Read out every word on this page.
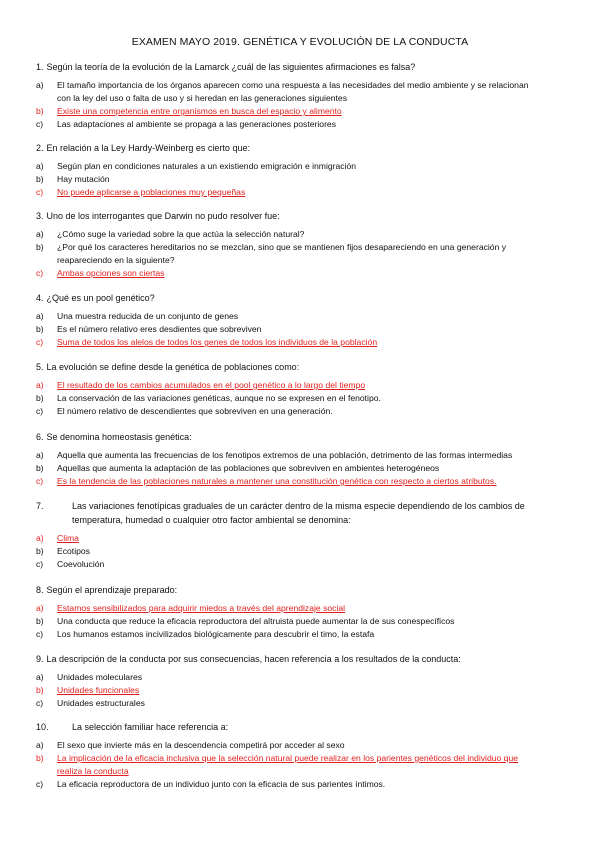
EXAMEN MAYO 2019. GENÉTICA Y EVOLUCIÓN DE LA CONDUCTA
1. Según la teoría de la evolución de la Lamarck ¿cuál de las siguientes afirmaciones es falsa?
a)	El tamaño importancia de los órganos aparecen como una respuesta a las necesidades del medio ambiente y se relacionan
con la ley del uso o falta de uso y si heredan en las generaciones siguientes
b)	Existe una competencia entre organismos en busca del espacio y alimento
c)	Las adaptaciones al ambiente se propaga a las generaciones posteriores
2. En relación a la Ley Hardy-Weinberg es cierto que:
a)	Según plan en condiciones naturales a un existiendo emigración e inmigración
b)	Hay mutación
c)	No puede aplicarse a poblaciones muy pequeñas
3. Uno de los interrogantes que Darwin no pudo resolver fue:
a)	¿Cómo suge la variedad sobre la que actúa la selección natural?
b)	¿Por qué los caracteres hereditarios no se mezclan, sino que se mantienen fijos desapareciendo en una generación y
reapareciendo en la siguiente?
c)	Ambas opciones son ciertas
4. ¿Qué es un pool genético?
a)	Una muestra reducida de un conjunto de genes
b)	Es el número relativo eres desdientes que sobreviven
c)	Suma de todos los alelos de todos los genes de todos los individuos de la población
5. La evolución se define desde la genética de poblaciones como:
a)	El resultado de los cambios acumulados en el pool genético a lo largo del tiempo
b)	La conservación de las variaciones genéticas, aunque no se expresen en el fenotipo.
c)	El número relativo de descendientes que sobreviven en una generación.
6. Se denomina homeostasis genética:
a)	Aquella que aumenta las frecuencias de los fenotipos extremos de una población, detrimento de las formas intermedias
b)	Aquellas que aumenta la adaptación de las poblaciones que sobreviven en ambientes heterogéneos
c)	Es la tendencia de las poblaciones naturales a mantener una constitución genética con respecto a ciertos atributos.
7.	Las variaciones fenotípicas graduales de un carácter dentro de la misma especie dependiendo de los cambios de temperatura, humedad o cualquier otro factor ambiental se denomina:
a)	Clima
b)	Ecotipos
c)	Coevolución
8. Según el aprendizaje preparado:
a)	Estamos sensibilizados para adquirir miedos a través del aprendizaje social
b)	Una conducta que reduce la eficacia reproductora del altruista puede aumentar la de sus conespecíficos
c)	Los humanos estamos incivilizados biológicamente para descubrir el timo, la estafa
9. La descripción de la conducta por sus consecuencias, hacen referencia a los resultados de la conducta:
a)	Unidades moleculares
b)	Unidades funcionales
c)	Unidades estructurales
10.	La selección familiar hace referencia a:
a)	El sexo que invierte más en la descendencia competirá por acceder al sexo
b)	La implicación de la eficacia inclusiva que la selección natural puede realizar en los parientes genéticos del individuo que
realiza la conducta
c)	La eficacia reproductora de un individuo junto con la eficacia de sus parientes íntimos.
